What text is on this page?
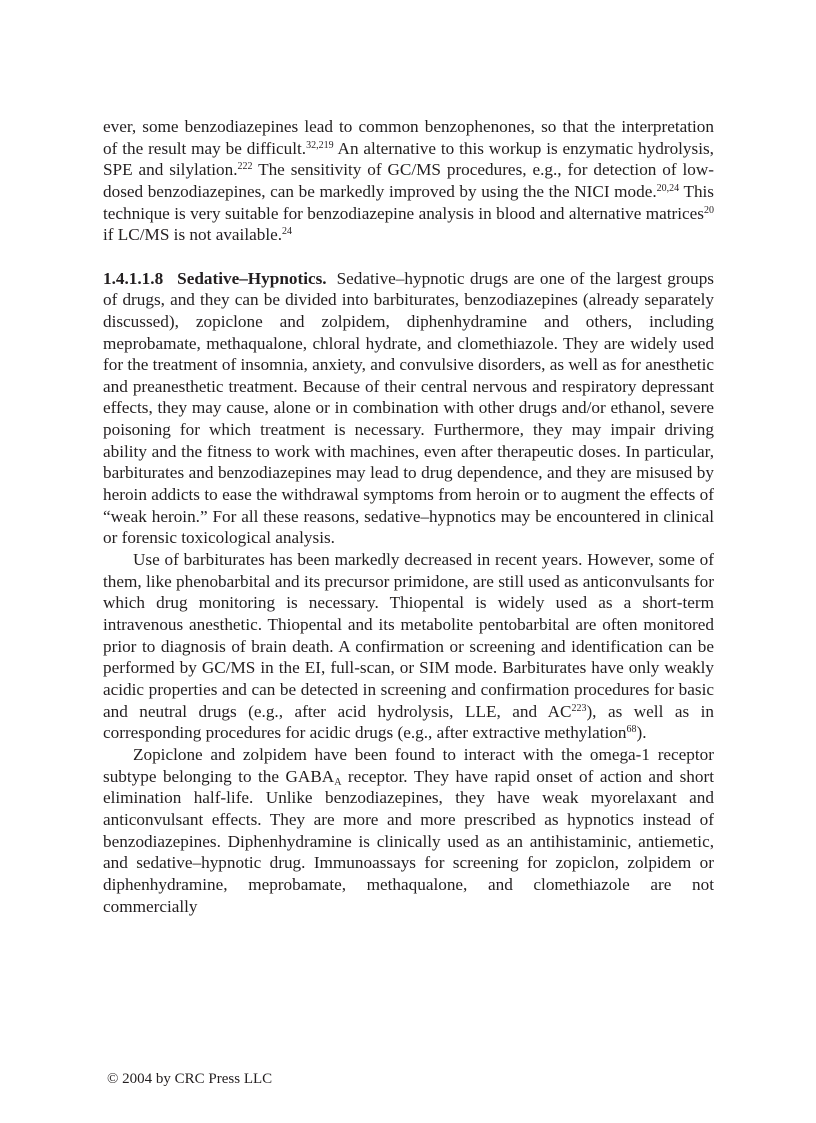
ever, some benzodiazepines lead to common benzophenones, so that the interpretation of the result may be difficult.$^{32,219}$ An alternative to this workup is enzymatic hydrolysis, SPE and silylation.$^{222}$ The sensitivity of GC/MS procedures, e.g., for detection of low-dosed benzodiazepines, can be markedly improved by using the the NICI mode.$^{20,24}$ This technique is very suitable for benzodiazepine analysis in blood and alternative matrices$^{20}$ if LC/MS is not available.$^{24}$

1.4.1.1.8 Sedative–Hypnotics. Sedative–hypnotic drugs are one of the largest groups of drugs, and they can be divided into barbiturates, benzodiazepines (already separately discussed), zopiclone and zolpidem, diphenhydramine and others, including meprobamate, methaqualone, chloral hydrate, and clomethiazole. They are widely used for the treatment of insomnia, anxiety, and convulsive disorders, as well as for anesthetic and preanesthetic treatment. Because of their central nervous and respiratory depressant effects, they may cause, alone or in combination with other drugs and/or ethanol, severe poisoning for which treatment is necessary. Furthermore, they may impair driving ability and the fitness to work with machines, even after therapeutic doses. In particular, barbiturates and benzodiazepines may lead to drug dependence, and they are misused by heroin addicts to ease the withdrawal symptoms from heroin or to augment the effects of “weak heroin.” For all these reasons, sedative–hypnotics may be encountered in clinical or forensic toxicological analysis.

Use of barbiturates has been markedly decreased in recent years. However, some of them, like phenobarbital and its precursor primidone, are still used as anticonvulsants for which drug monitoring is necessary. Thiopental is widely used as a short-term intravenous anesthetic. Thiopental and its metabolite pentobarbital are often monitored prior to diagnosis of brain death. A confirmation or screening and identification can be performed by GC/MS in the EI, full-scan, or SIM mode. Barbiturates have only weakly acidic properties and can be detected in screening and confirmation procedures for basic and neutral drugs (e.g., after acid hydrolysis, LLE, and AC$^{223}$), as well as in corresponding procedures for acidic drugs (e.g., after extractive methylation$^{68}$).

Zopiclone and zolpidem have been found to interact with the omega-1 receptor subtype belonging to the $GABA_A$ receptor. They have rapid onset of action and short elimination half-life. Unlike benzodiazepines, they have weak myorelaxant and anticonvulsant effects. They are more and more prescribed as hypnotics instead of benzodiazepines. Diphenhydramine is clinically used as an antihistaminic, antiemetic, and sedative–hypnotic drug. Immunoassays for screening for zopiclon, zolpidem or diphenhydramine, meprobamate, methaqualone, and clomethiazole are not commercially

© 2004 by CRC Press LLC
